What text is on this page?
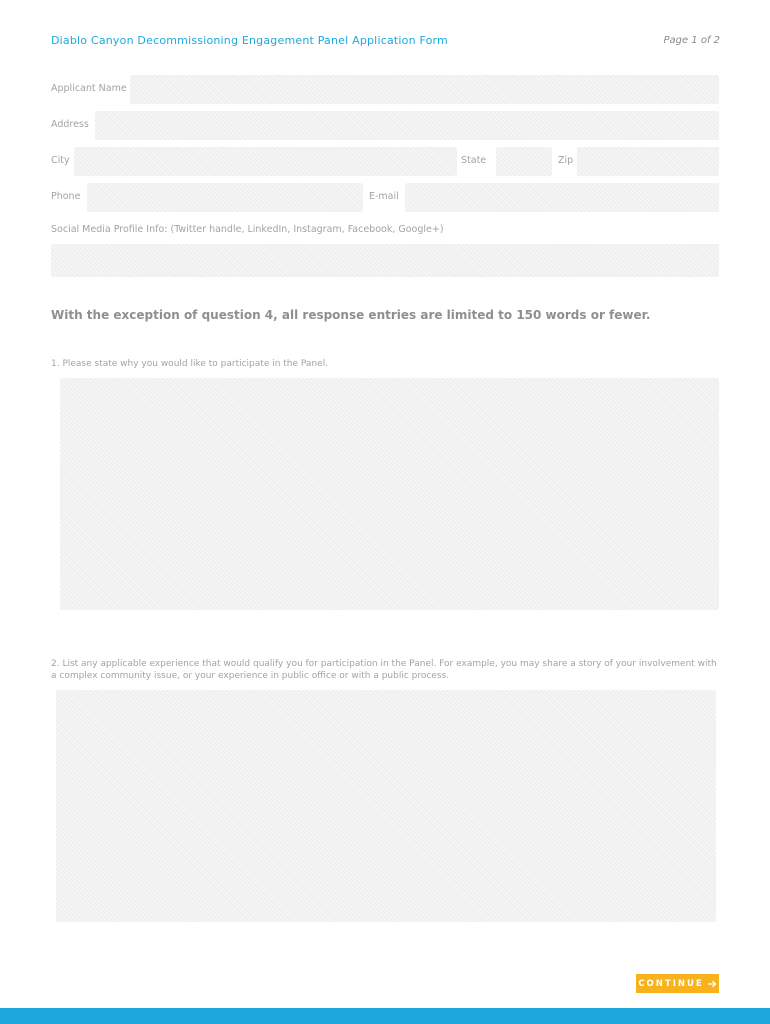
Diablo Canyon Decommissioning Engagement Panel Application Form	Page 1 of 2
Applicant Name
Address
City	State	Zip
Phone	E-mail
Social Media Profile Info: (Twitter handle, LinkedIn, Instagram, Facebook, Google+)
With the exception of question 4, all response entries are limited to 150 words or fewer.
1. Please state why you would like to participate in the Panel.
2. List any applicable experience that would qualify you for participation in the Panel. For example, you may share a story of your involvement with a complex community issue, or your experience in public office or with a public process.
CONTINUE
